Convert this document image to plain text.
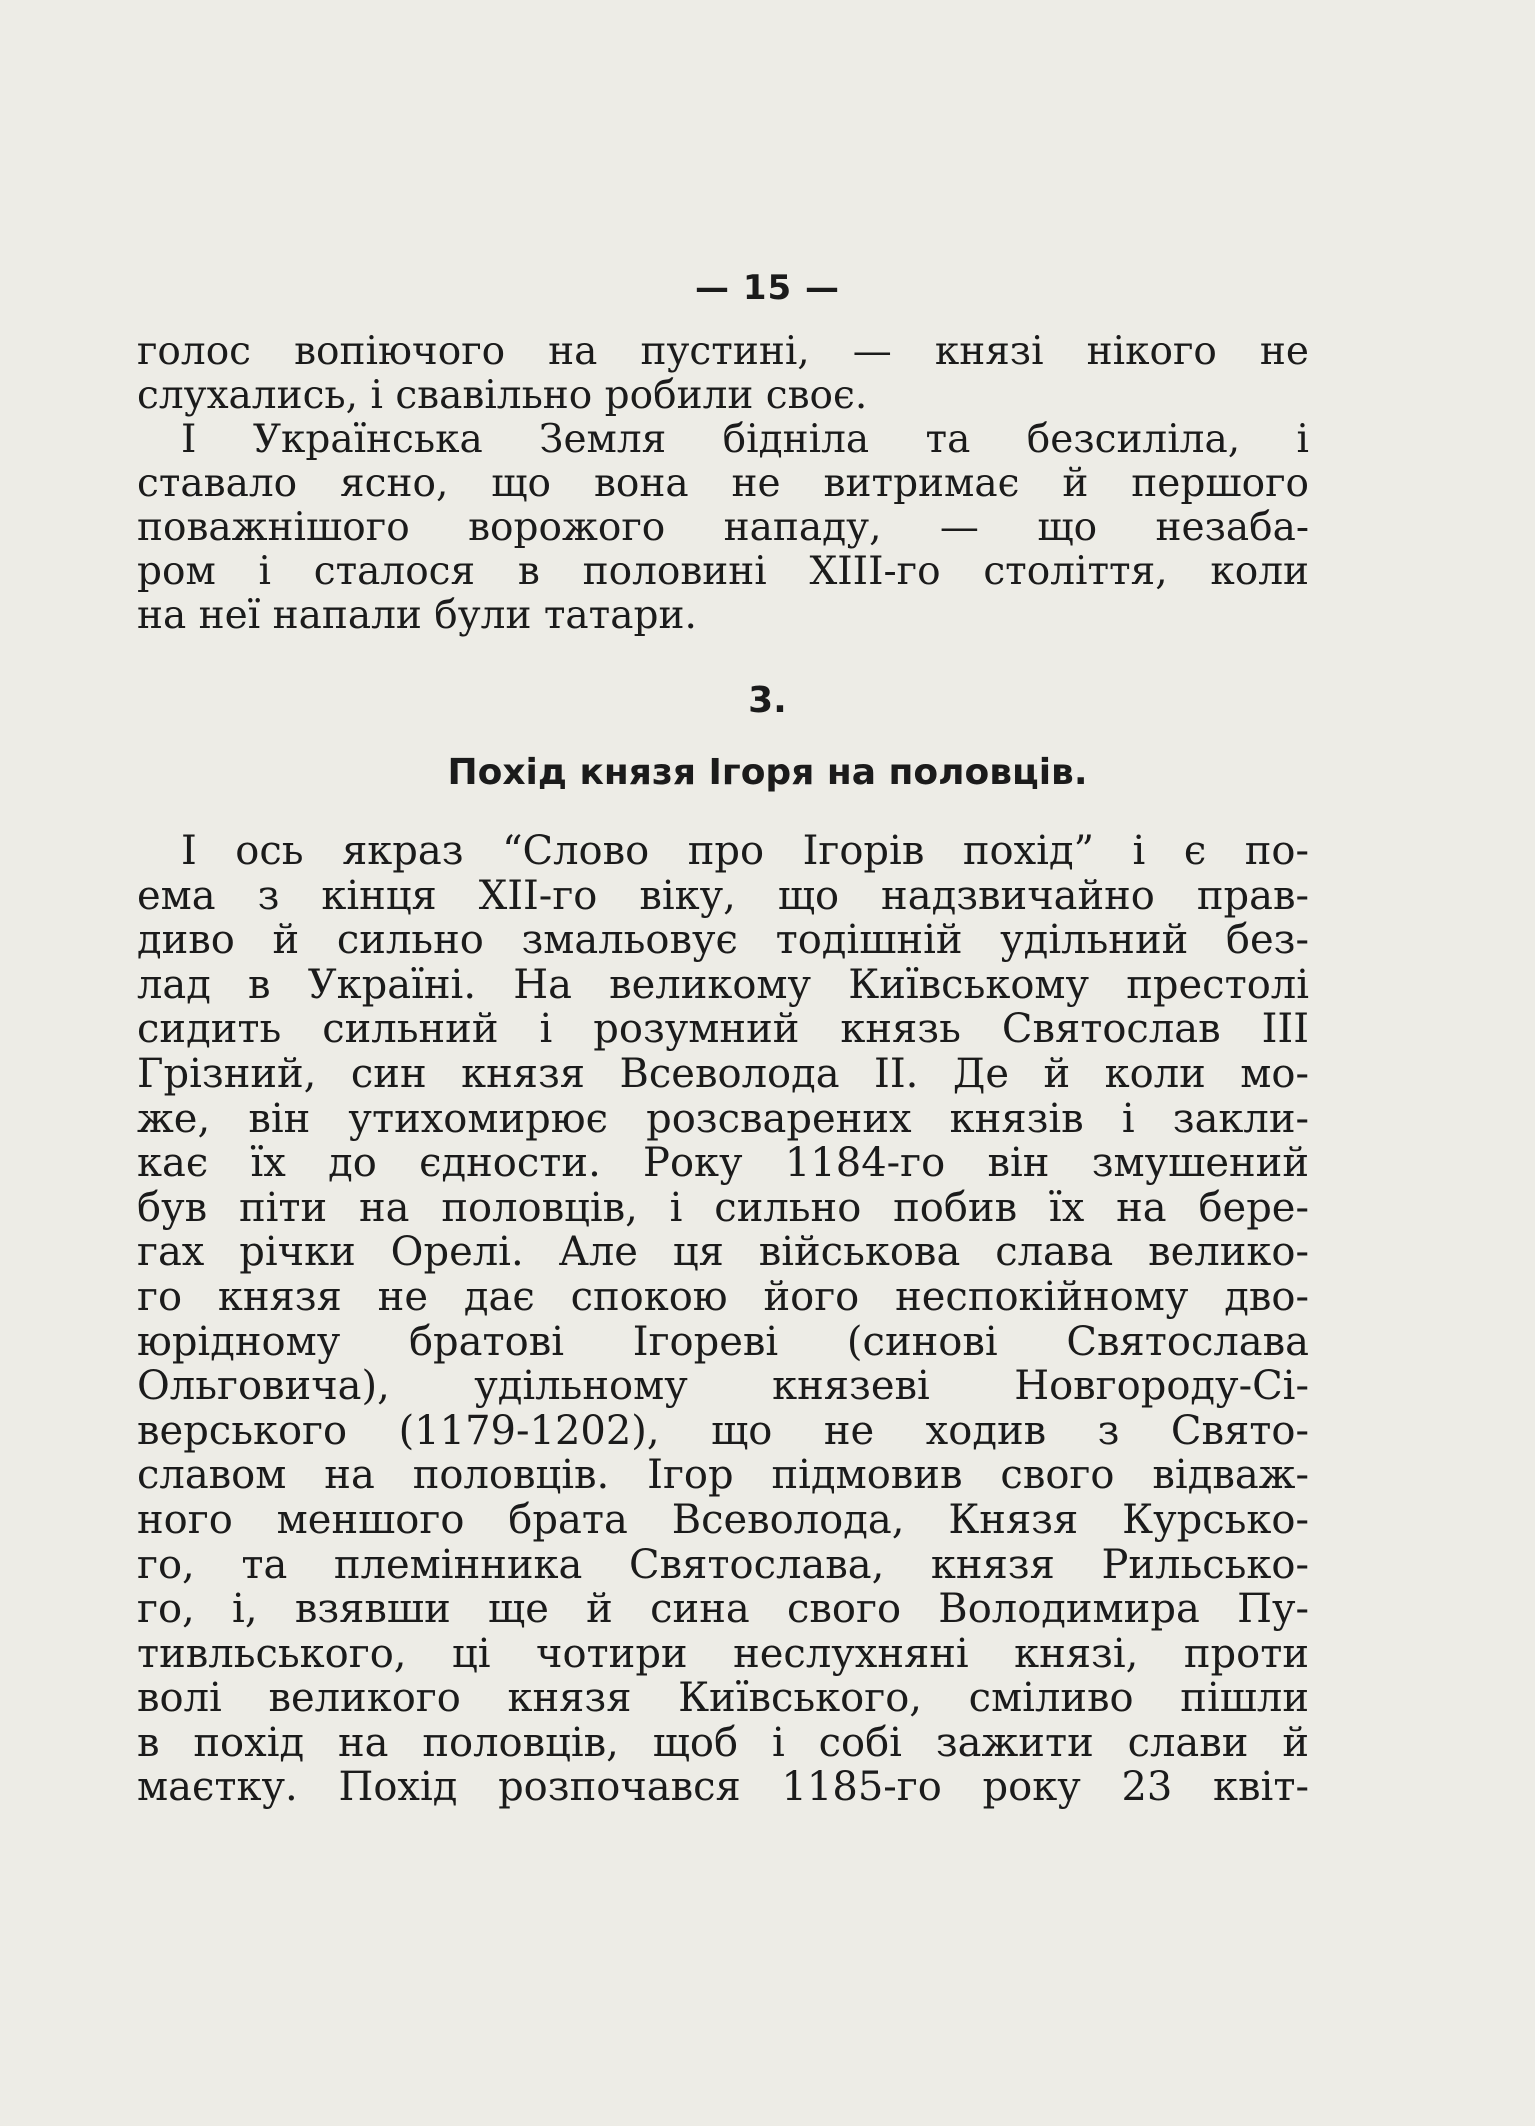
— 15 —
голос вопіючого на пустині, — князі нікого не
слухались, і свавільно робили своє.
І Українська Земля бідніла та безсиліла, і
ставало ясно, що вона не витримає й першого
поважнішого ворожого нападу, — що незаба-
ром і сталося в половині XIII-го століття, коли
на неї напали були татари.
3.
Похід князя Ігоря на половців.
І ось якраз “Слово про Ігорів похід” і є по-
ема з кінця XII-го віку, що надзвичайно прав-
диво й сильно змальовує тодішній удільний без-
лад в Україні. На великому Київському престолі
сидить сильний і розумний князь Святослав III
Грізний, син князя Всеволода II. Де й коли мо-
же, він утихомирює розсварених князів і закли-
кає їх до єдности. Року 1184-го він змушений
був піти на половців, і сильно побив їх на бере-
гах річки Орелі. Але ця військова слава велико-
го князя не дає спокою його неспокійному дво-
юрідному братові Ігореві (синові Святослава
Ольговича), удільному князеві Новгороду-Сі-
верського (1179-1202), що не ходив з Свято-
славом на половців. Ігор підмовив свого відваж-
ного меншого брата Всеволода, Князя Курсько-
го, та племінника Святослава, князя Рильсько-
го, і, взявши ще й сина свого Володимира Пу-
тивльського, ці чотири неслухняні князі, проти
волі великого князя Київського, сміливо пішли
в похід на половців, щоб і собі зажити слави й
маєтку. Похід розпочався 1185-го року 23 квіт-
